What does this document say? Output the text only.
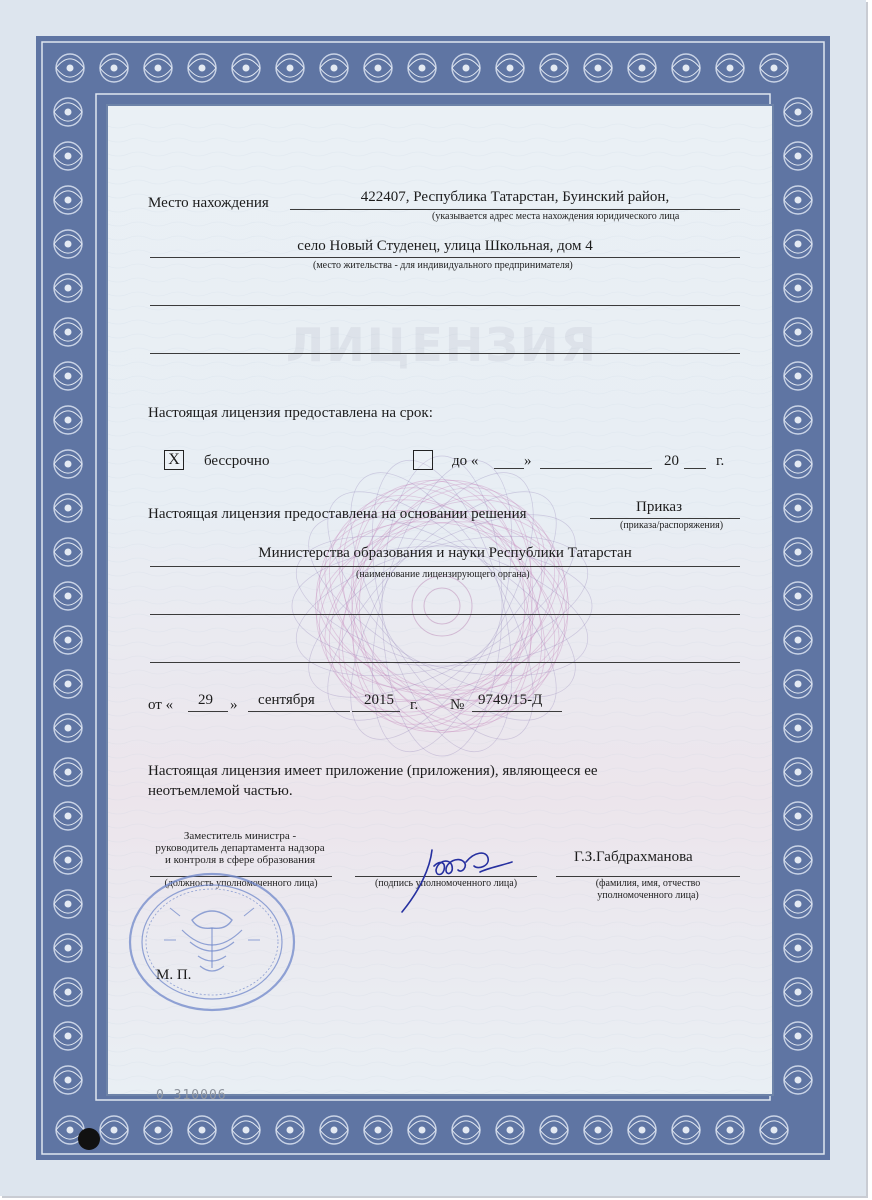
ЛИЦЕНЗИЯ
Место нахождения	422407, Республика Татарстан, Буинский район,
(указывается адрес места нахождения юридического лица
село Новый Студенец, улица Школьная, дом 4
(место жительства - для индивидуального предпринимателя)
Настоящая лицензия предоставлена на срок:
X бессрочно	до «	»	20 г.
Настоящая лицензия предоставлена на основании решения	Приказ
(приказа/распоряжения)
Министерства образования и науки Республики Татарстан
(наименование лицензирующего органа)
от « 29 » сентября	2015 г. № 9749/15-Д
Настоящая лицензия имеет приложение (приложения), являющееся ее
неотъемлемой частью.
Заместитель министра -
руководитель департамента надзора
и контроля в сфере образования
(должность уполномоченного лица)	(подпись уполномоченного лица)
Г.З.Габдрахманова
(фамилия, имя, отчество
уполномоченного лица)
М. П.
0 310006
